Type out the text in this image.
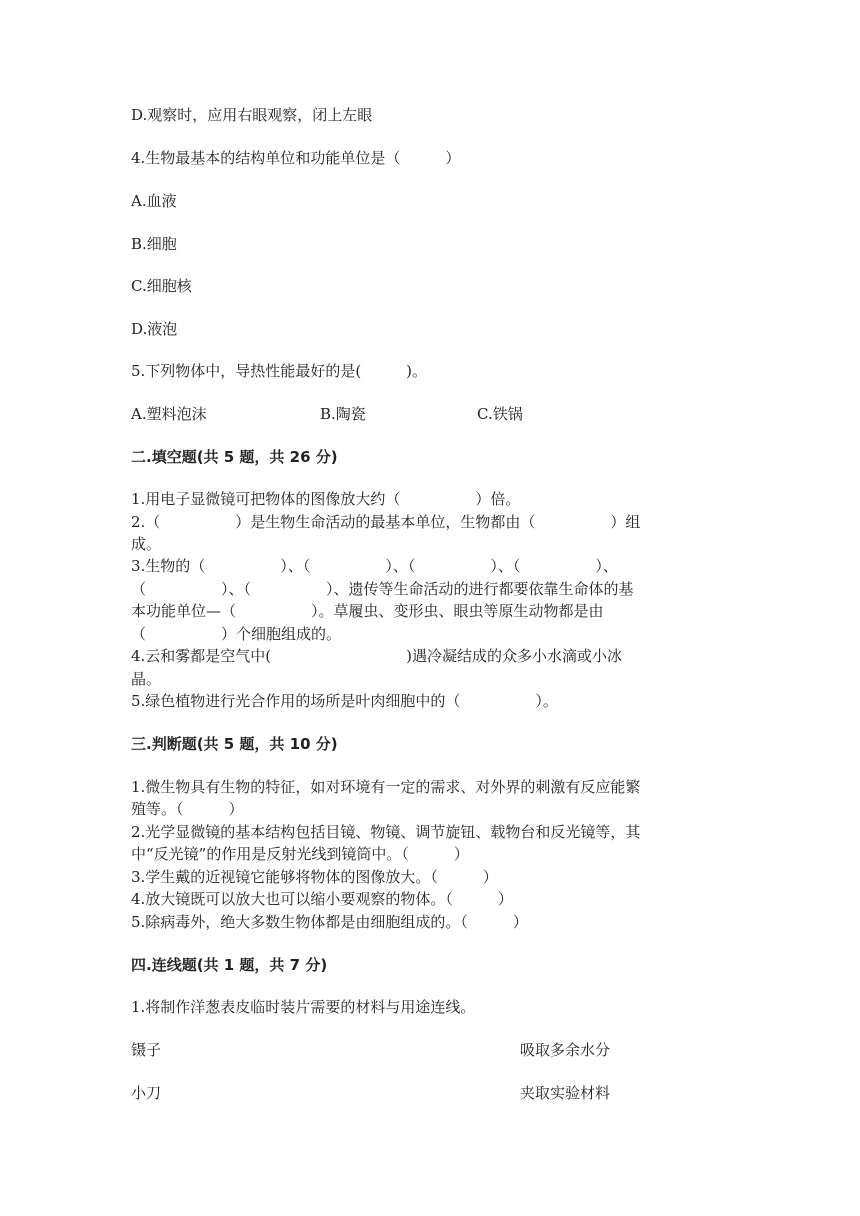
D.观察时，应用右眼观察，闭上左眼
4.生物最基本的结构单位和功能单位是（　　　）
A.血液
B.细胞
C.细胞核
D.液泡
5.下列物体中，导热性能最好的是(　　　)。
A.塑料泡沫	B.陶瓷	C.铁锅
二.填空题(共 5 题，共 26 分)
1.用电子显微镜可把物体的图像放大约（　　　　　）倍。
2.（　　　　　）是生物生命活动的最基本单位，生物都由（　　　　　）组
成。
3.生物的（　　　　　）、（　　　　　）、（　　　　　）、（　　　　　）、
（　　　　　）、（　　　　　）、遗传等生命活动的进行都要依靠生命体的基
本功能单位—（　　　　　）。草履虫、变形虫、眼虫等原生动物都是由
（　　　　　）个细胞组成的。
4.云和雾都是空气中(　　　　　　　　　)遇冷凝结成的众多小水滴或小冰
晶。
5.绿色植物进行光合作用的场所是叶肉细胞中的（　　　　　）。
三.判断题(共 5 题，共 10 分)
1.微生物具有生物的特征，如对环境有一定的需求、对外界的刺激有反应能繁
殖等。（　　　）
2.光学显微镜的基本结构包括目镜、物镜、调节旋钮、载物台和反光镜等，其
中“反光镜”的作用是反射光线到镜筒中。（　　　）
3.学生戴的近视镜它能够将物体的图像放大。（　　　）
4.放大镜既可以放大也可以缩小要观察的物体。（　　　）
5.除病毒外，绝大多数生物体都是由细胞组成的。（　　　）
四.连线题(共 1 题，共 7 分)
1.将制作洋葱表皮临时装片需要的材料与用途连线。
镊子	吸取多余水分
小刀	夹取实验材料
